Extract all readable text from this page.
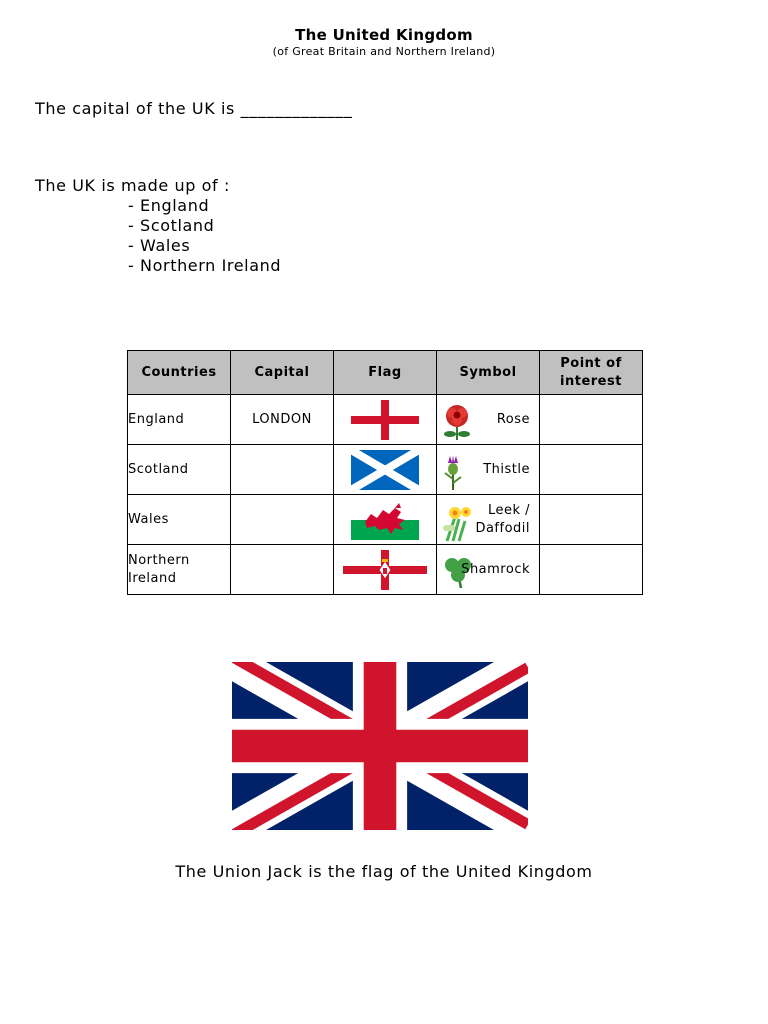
The United Kingdom
(of Great Britain and Northern Ireland)
The capital of the UK is _____________
The UK is made up of :
- England
- Scotland
- Wales
- Northern Ireland
Countries	Capital	Flag	Symbol	Point of interest
England	LONDON		Rose	

Scotland			Thistle	

Wales			Leek / Daffodil	

Northern Ireland			Shamrock	

The Union Jack is the flag of the United Kingdom
